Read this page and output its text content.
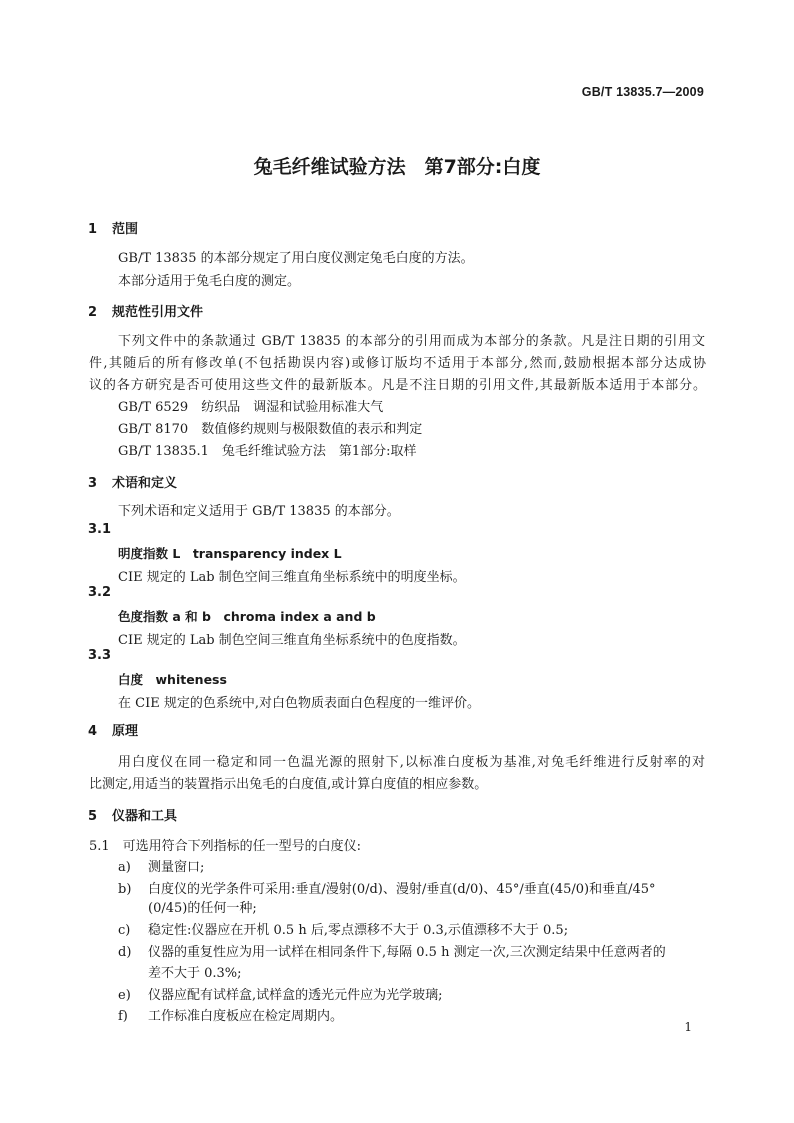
GB/T 13835.7—2009
兔毛纤维试验方法　第7部分:白度
1 范围
GB/T 13835 的本部分规定了用白度仪测定兔毛白度的方法。
本部分适用于兔毛白度的测定。
2 规范性引用文件
下列文件中的条款通过 GB/T 13835 的本部分的引用而成为本部分的条款。凡是注日期的引用文
件,其随后的所有修改单(不包括勘误内容)或修订版均不适用于本部分,然而,鼓励根据本部分达成协
议的各方研究是否可使用这些文件的最新版本。凡是不注日期的引用文件,其最新版本适用于本部分。
GB/T 6529　纺织品　调湿和试验用标准大气
GB/T 8170　数值修约规则与极限数值的表示和判定
GB/T 13835.1　兔毛纤维试验方法　第1部分:取样
3 术语和定义
下列术语和定义适用于 GB/T 13835 的本部分。
3.1
明度指数 L　transparency index L
CIE 规定的 Lab 制色空间三维直角坐标系统中的明度坐标。
3.2
色度指数 a 和 b　chroma index a and b
CIE 规定的 Lab 制色空间三维直角坐标系统中的色度指数。
3.3
白度　whiteness
在 CIE 规定的色系统中,对白色物质表面白色程度的一维评价。
4 原理
用白度仪在同一稳定和同一色温光源的照射下,以标准白度板为基准,对兔毛纤维进行反射率的对
比测定,用适当的装置指示出兔毛的白度值,或计算白度值的相应参数。
5 仪器和工具
5.1　可选用符合下列指标的任一型号的白度仪:
a) 测量窗口;
b) 白度仪的光学条件可采用:垂直/漫射(0/d)、漫射/垂直(d/0)、45°/垂直(45/0)和垂直/45°
(0/45)的任何一种;
c) 稳定性:仪器应在开机 0.5 h 后,零点漂移不大于 0.3,示值漂移不大于 0.5;
d) 仪器的重复性应为用一试样在相同条件下,每隔 0.5 h 测定一次,三次测定结果中任意两者的
差不大于 0.3%;
e) 仪器应配有试样盒,试样盒的透光元件应为光学玻璃;
f) 工作标准白度板应在检定周期内。
1
